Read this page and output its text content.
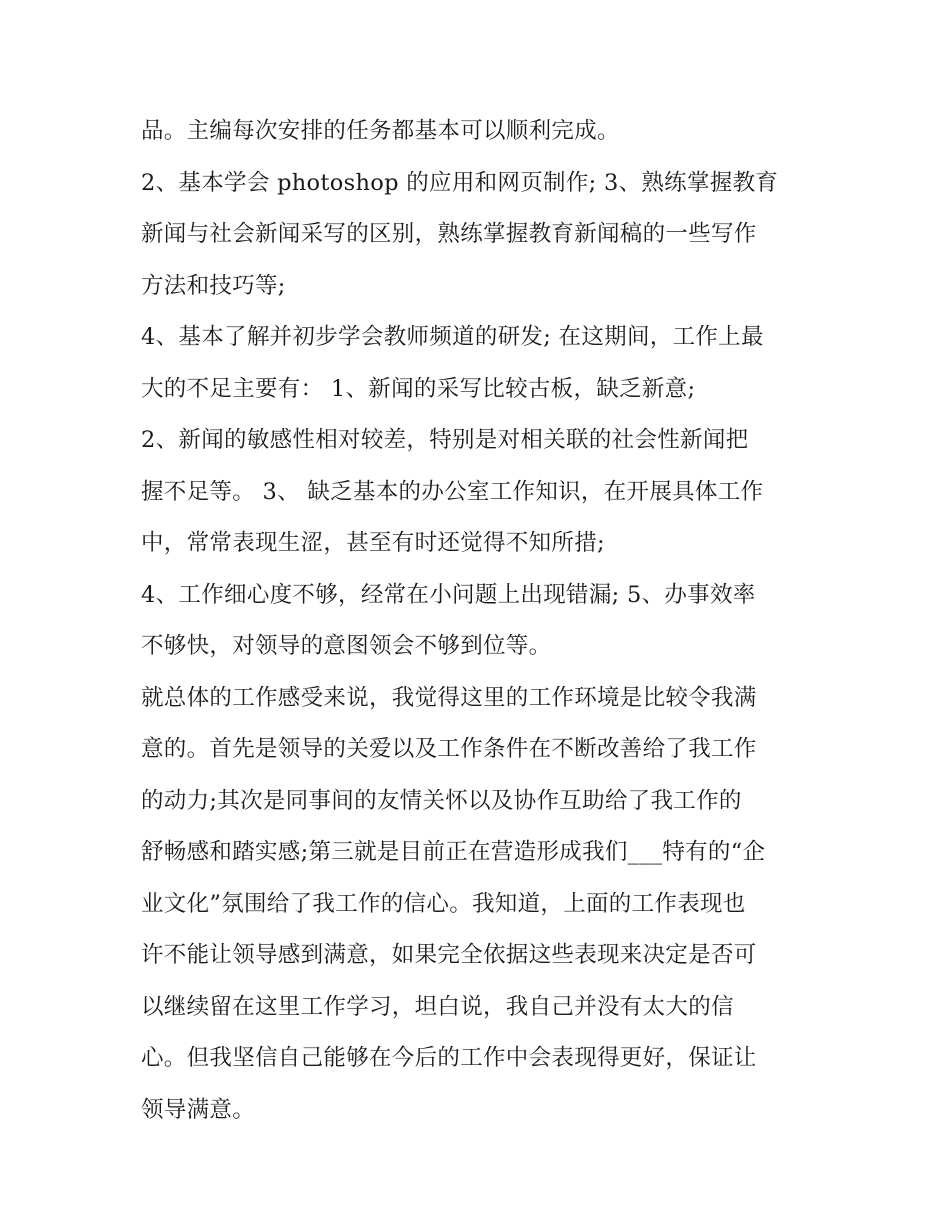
品。主编每次安排的任务都基本可以顺利完成。
2、基本学会 photoshop 的应用和网页制作; 3、熟练掌握教育
新闻与社会新闻采写的区别，熟练掌握教育新闻稿的一些写作
方法和技巧等;
4、基本了解并初步学会教师频道的研发; 在这期间，工作上最
大的不足主要有： 1、新闻的采写比较古板，缺乏新意;
2、新闻的敏感性相对较差，特别是对相关联的社会性新闻把
握不足等。 3、 缺乏基本的办公室工作知识，在开展具体工作
中，常常表现生涩，甚至有时还觉得不知所措;
4、工作细心度不够，经常在小问题上出现错漏; 5、办事效率
不够快，对领导的意图领会不够到位等。
就总体的工作感受来说，我觉得这里的工作环境是比较令我满
意的。首先是领导的关爱以及工作条件在不断改善给了我工作
的动力;其次是同事间的友情关怀以及协作互助给了我工作的
舒畅感和踏实感;第三就是目前正在营造形成我们___特有的“企
业文化”氛围给了我工作的信心。我知道，上面的工作表现也
许不能让领导感到满意，如果完全依据这些表现来决定是否可
以继续留在这里工作学习，坦白说，我自己并没有太大的信
心。但我坚信自己能够在今后的工作中会表现得更好，保证让
领导满意。
